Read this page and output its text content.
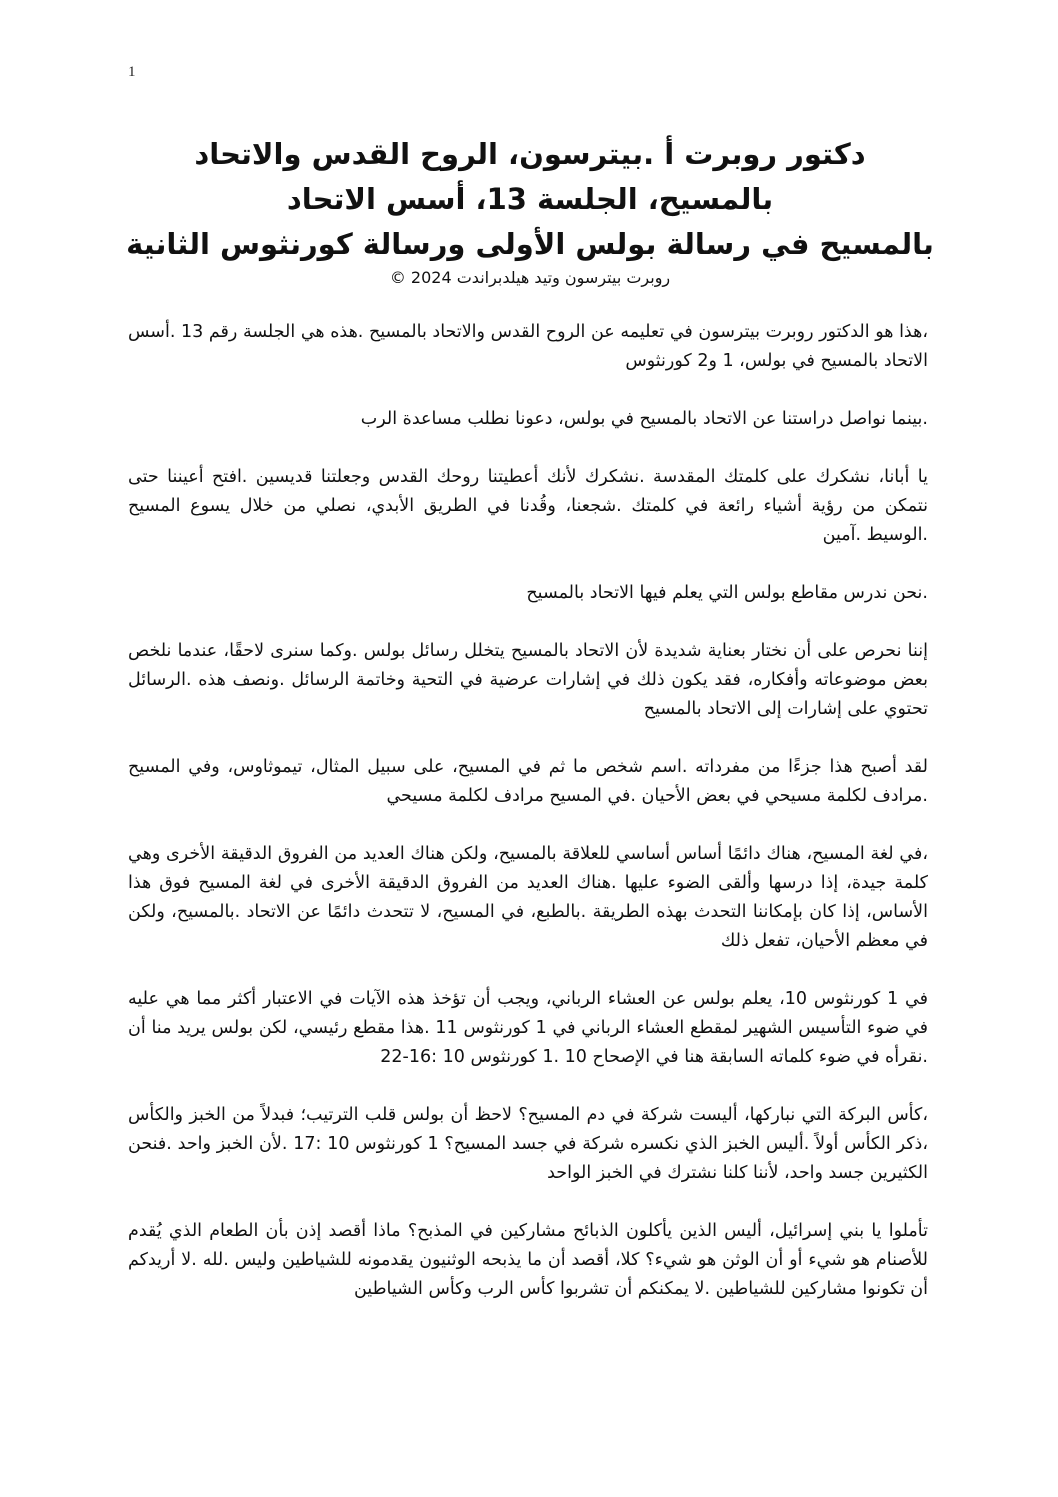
1
دكتور روبرت أ .بيترسون، الروح القدس والاتحاد
بالمسيح، الجلسة 13، أسس الاتحاد
بالمسيح في رسالة بولس الأولى ورسالة كورنثوس الثانية
روبرت بيترسون وتيد هيلدبراندت 2024 ©

،هذا هو الدكتور روبرت بيترسون في تعليمه عن الروح القدس والاتحاد بالمسيح .هذه هي الجلسة رقم 13 .أسس الاتحاد بالمسيح في بولس، 1 و2 كورنثوس

.بينما نواصل دراستنا عن الاتحاد بالمسيح في بولس، دعونا نطلب مساعدة الرب

يا أبانا، نشكرك على كلمتك المقدسة .نشكرك لأنك أعطيتنا روحك القدس وجعلتنا قديسين .افتح أعيننا حتى نتمكن من رؤية أشياء رائعة في كلمتك .شجعنا، وقُدنا في الطريق الأبدي، نصلي من خلال يسوع المسيح .الوسيط .آمين

.نحن ندرس مقاطع بولس التي يعلم فيها الاتحاد بالمسيح

إننا نحرص على أن نختار بعناية شديدة لأن الاتحاد بالمسيح يتخلل رسائل بولس .وكما سنرى لاحقًا، عندما نلخص بعض موضوعاته وأفكاره، فقد يكون ذلك في إشارات عرضية في التحية وخاتمة الرسائل .ونصف هذه .الرسائل تحتوي على إشارات إلى الاتحاد بالمسيح

لقد أصبح هذا جزءًا من مفرداته .اسم شخص ما ثم في المسيح، على سبيل المثال، تيموثاوس، وفي المسيح .مرادف لكلمة مسيحي في بعض الأحيان .في المسيح مرادف لكلمة مسيحي

،في لغة المسيح، هناك دائمًا أساس أساسي للعلاقة بالمسيح، ولكن هناك العديد من الفروق الدقيقة الأخرى وهي كلمة جيدة، إذا درسها وألقى الضوء عليها .هناك العديد من الفروق الدقيقة الأخرى في لغة المسيح فوق هذا الأساس، إذا كان بإمكاننا التحدث بهذه الطريقة .بالطبع، في المسيح، لا تتحدث دائمًا عن الاتحاد .بالمسيح، ولكن في معظم الأحيان، تفعل ذلك

في 1 كورنثوس 10، يعلم بولس عن العشاء الرباني، ويجب أن تؤخذ هذه الآيات في الاعتبار أكثر مما هي عليه في ضوء التأسيس الشهير لمقطع العشاء الرباني في 1 كورنثوس 11 .هذا مقطع رئيسي، لكن بولس يريد منا أن .نقرأه في ضوء كلماته السابقة هنا في الإصحاح 10 .1 كورنثوس 10 :16-22

،كأس البركة التي نباركها، أليست شركة في دم المسيح؟ لاحظ أن بولس قلب الترتيب؛ فبدلاً من الخبز والكأس ،ذكر الكأس أولاً .أليس الخبز الذي نكسره شركة في جسد المسيح؟ 1 كورنثوس 10 :17 .لأن الخبز واحد .فنحن الكثيرين جسد واحد، لأننا كلنا نشترك في الخبز الواحد

تأملوا يا بني إسرائيل، أليس الذين يأكلون الذبائح مشاركين في المذبح؟ ماذا أقصد إذن بأن الطعام الذي يُقدم للأصنام هو شيء أو أن الوثن هو شيء؟ كلا، أقصد أن ما يذبحه الوثنيون يقدمونه للشياطين وليس .لله .لا أريدكم أن تكونوا مشاركين للشياطين .لا يمكنكم أن تشربوا كأس الرب وكأس الشياطين
